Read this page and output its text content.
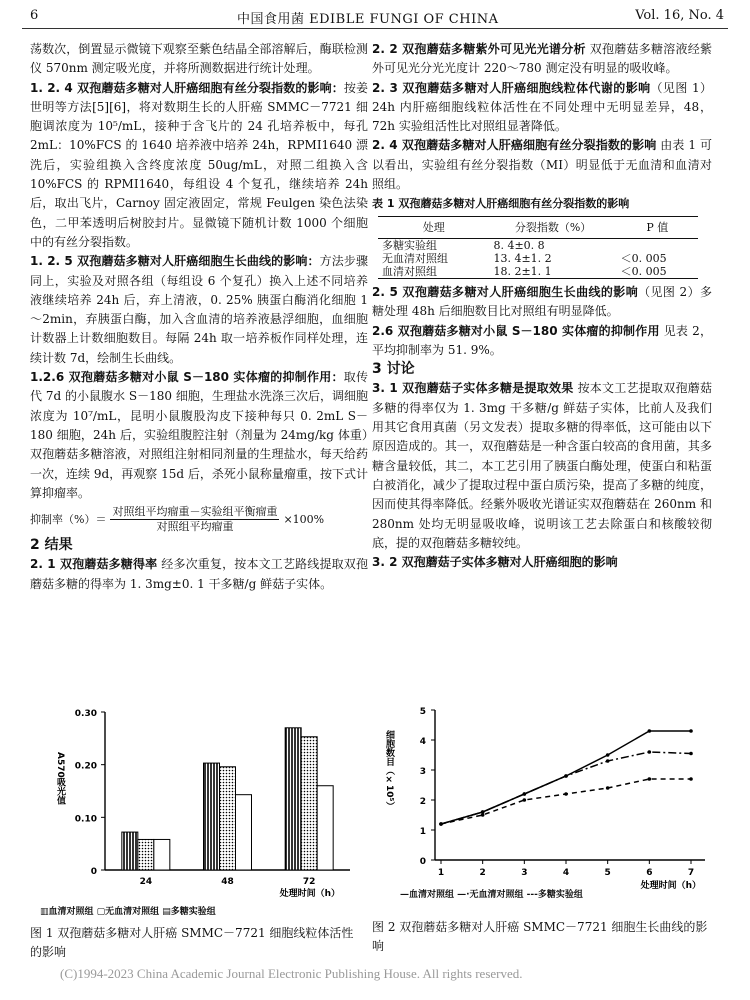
6	中国食用菌 EDIBLE FUNGI OF CHINA	Vol. 16, No. 4

荡数次，倒置显示微镜下观察至紫色结晶全部溶解后，酶联检测仪 570nm 测定吸光度，并将所测数据进行统计处理。

1. 2. 4 双孢蘑菇多糖对人肝癌细胞有丝分裂指数的影响：按姜世明等方法[5][6]，将对数期生长的人肝癌 SMMC－7721 细胞调浓度为 10⁵/mL，接种于含飞片的 24 孔培养板中，每孔 2mL：10%FCS 的 1640 培养液中培养 24h，RPMI1640 漂洗后，实验组换入含终度浓度 50ug/mL，对照二组换入含 10%FCS 的 RPMI1640，每组设 4 个复孔，继续培养 24h 后，取出飞片，Carnoy 固定液固定，常规 Feulgen 染色法染色，二甲苯透明后树胶封片。显微镜下随机计数 1000 个细胞中的有丝分裂指数。

1. 2. 5 双孢蘑菇多糖对人肝癌细胞生长曲线的影响：方法步骤同上，实验及对照各组（每组设 6 个复孔）换入上述不同培养液继续培养 24h 后，弃上清液，0. 25% 胰蛋白酶消化细胞 1～2min，弃胰蛋白酶，加入含血清的培养液悬浮细胞，血细胞计数器上计数细胞数目。每隔 24h 取一培养板作同样处理，连续计数 7d，绘制生长曲线。

1.2.6 双孢蘑菇多糖对小鼠 S－180 实体瘤的抑制作用：取传代 7d 的小鼠腹水 S－180 细胞，生理盐水洗涤三次后，调细胞浓度为 10⁷/mL，昆明小鼠腹股沟皮下接种每只 0. 2mL S－180 细胞，24h 后，实验组腹腔注射（剂量为 24mg/kg 体重）双孢蘑菇多糖溶液，对照组注射相同剂量的生理盐水，每天给药一次，连续 9d，再观察 15d 后，杀死小鼠称量瘤重，按下式计算抑瘤率。

抑制率（%）＝ $\frac{\text{对照组平均瘤重－实验组平衡瘤重}}{\text{对照组平均瘤重}} \times 100\%$

2 结果

2. 1 双孢蘑菇多糖得率 经多次重复，按本文工艺路线提取双孢蘑菇多糖的得率为 1. 3mg±0. 1 干多糖/g 鲜菇子实体。

2. 2 双孢蘑菇多糖紫外可见光光谱分析 双孢蘑菇多糖溶液经紫外可见光分光光度计 220～780 测定没有明显的吸收峰。

2. 3 双孢蘑菇多糖对人肝癌细胞线粒体代谢的影响（见图 1）24h 内肝癌细胞线粒体活性在不同处理中无明显差异，48，72h 实验组活性比对照组显著降低。

2. 4 双孢蘑菇多糖对人肝癌细胞有丝分裂指数的影响 由表 1 可以看出，实验组有丝分裂指数（MI）明显低于无血清和血清对照组。

表 1 双孢蘑菇多糖对人肝癌细胞有丝分裂指数的影响
处理	分裂指数（%）	P 值
多糖实验组	8. 4±0. 8	
无血清对照组	13. 4±1. 2	＜0. 005
血清对照组	18. 2±1. 1	＜0. 005

2. 5 双孢蘑菇多糖对人肝癌细胞生长曲线的影响（见图 2）多糖处理 48h 后细胞数目比对照组有明显降低。

2.6 双孢蘑菇多糖对小鼠 S－180 实体瘤的抑制作用 见表 2，平均抑制率为 51. 9%。

3 讨论

3. 1 双孢蘑菇子实体多糖是提取效果 按本文工艺提取双孢蘑菇多糖的得率仅为 1. 3mg 干多糖/g 鲜菇子实体，比前人及我们用其它食用真菌（另文发表）提取多糖的得率低，这可能由以下原因造成的。其一，双孢蘑菇是一种含蛋白较高的食用菌，其多糖含量较低，其二，本工艺引用了胰蛋白酶处理，使蛋白和粘蛋白被消化，减少了提取过程中蛋白质污染，提高了多糖的纯度，因而使其得率降低。经紫外吸收光谱证实双孢蘑菇在 260nm 和 280nm 处均无明显吸收峰，说明该工艺去除蛋白和核酸较彻底，提的双孢蘑菇多糖较纯。

3. 2 双孢蘑菇子实体多糖对人肝癌细胞的影响

0
0.10
0.20
0.30
24	48	72
处理时间（h）
A570吸光值
▥血清对照组 ▢无血清对照组 ▤多糖实验组
图 1 双孢蘑菇多糖对人肝癌 SMMC－7721 细胞线粒体活性的影响
0
1
2
3
4
5
1	2	3	4	5	6	7
处理时间（h）
细胞数目（×10⁵）
—血清对照组 —·无血清对照组 ---多糖实验组
图 2 双孢蘑菇多糖对人肝癌 SMMC－7721 细胞生长曲线的影响
(C)1994-2023 China Academic Journal Electronic Publishing House. All rights reserved.
